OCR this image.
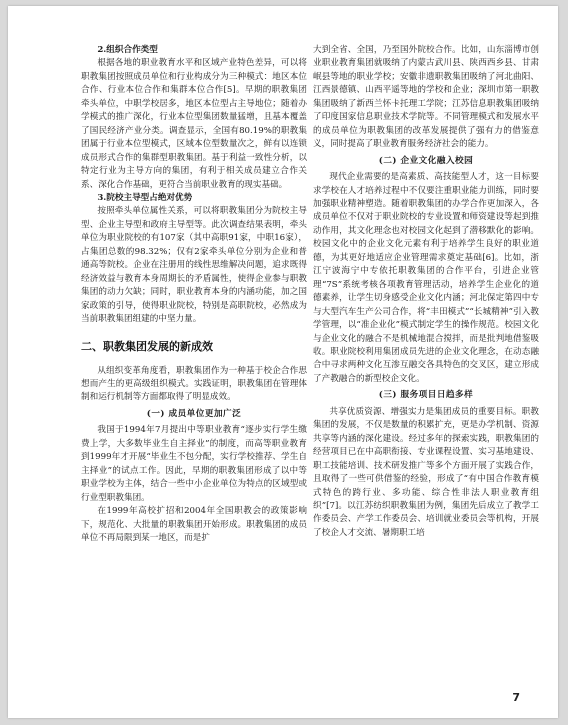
2.组织合作类型

根据各地的职业教育水平和区域产业特色差异，可以将职教集团按照成员单位和行业构成分为三种模式：地区本位合作、行业本位合作和集群本位合作[5]。早期的职教集团牵头单位，中职学校居多，地区本位型占主导地位；随着办学模式的推广深化，行业本位型集团数量猛增，且基本覆盖了国民经济产业分类。调查显示，全国有80.19%的职教集团属于行业本位型模式，区域本位型数量次之，鲜有以连锁成员形式合作的集群型职教集团。基于利益一致性分析，以特定行业为主导方向的集团，有利于相关成员建立合作关系、深化合作基础，更符合当前职业教育的现实基础。

3.院校主导型占绝对优势

按照牵头单位属性关系，可以将职教集团分为院校主导型、企业主导型和政府主导型等。此次调查结果表明，牵头单位为职业院校的有107家（其中高职91家，中职16家），占集团总数的98.32%；仅有2家牵头单位分别为企业和普通高等院校。企业在注册用的线性思维解决问题，追求既得经济效益与教育本身周期长的矛盾属性，使得企业参与职教集团的动力欠缺；同时，职业教育本身的内涵功能，加之国家政策的引导，使得职业院校，特别是高职院校，必然成为当前职教集团组建的中坚力量。

二、职教集团发展的新成效

从组织变革角度看，职教集团作为一种基于校企合作思想而产生的更高级组织模式。实践证明，职教集团在管理体制和运行机制等方面都取得了明显成效。

(一) 成员单位更加广泛

我国于1994年7月提出中等职业教育“逐步实行学生缴费上学，大多数毕业生自主择业”的制度，而高等职业教育到1999年才开展“毕业生不包分配，实行学校推荐、学生自主择业”的试点工作。因此，早期的职教集团形成了以中等职业学校为主体，结合一些中小企业单位为特点的区域型或行业型职教集团。

在1999年高校扩招和2004年全国职教会的政策影响下，规范化、大批量的职教集团开始形成。职教集团的成员单位不再局限到某一地区，而是扩

大到全省、全国，乃至国外院校合作。比如，山东淄博市创业职业教育集团就吸纳了内蒙古武川县、陕西西乡县、甘肃岷县等地的职业学校；安徽非遗职教集团吸纳了河北曲阳、江西景德镇、山西平遥等地的学校和企业；深圳市第一职教集团吸纳了新西兰怀卡托理工学院；江苏信息职教集团吸纳了印度国家信息职业技术学院等。不同管理模式和发展水平的成员单位为职教集团的改革发展提供了强有力的借鉴意义，同时提高了职业教育服务经济社会的能力。

(二) 企业文化融入校园

现代企业需要的是高素质、高技能型人才，这一目标要求学校在人才培养过程中不仅要注重职业能力训练，同时要加强职业精神塑造。随着职教集团的办学合作更加深入，各成员单位不仅对于职业院校的专业设置和师资建设等起到推动作用，其文化理念也对校园文化起到了潜移默化的影响。校园文化中的企业文化元素有利于培养学生良好的职业道德，为其更好地适应企业管理需求奠定基础[6]。比如，浙江宁波海宁中专依托职教集团的合作平台，引进企业管理“7S”系统考核各项教育管理活动，培养学生企业化的道德素养，让学生切身感受企业文化内涵；河北保定第四中专与大型汽车生产公司合作，将“丰田模式”“长城精神”引入教学管理，以“准企业化”模式制定学生的操作规范。校园文化与企业文化的融合不是机械地混合搅拌，而是批判地借鉴吸收。职业院校利用集团成员先进的企业文化理念，在动态融合中寻求两种文化互渗互融交各具特色的交叉区，建立形成了产教融合的新型校企文化。

(三) 服务项目日趋多样

共享优质资源、增强实力是集团成员的重要目标。职教集团的发展，不仅是数量的积累扩充，更是办学机制、资源共享等内涵的深化建设。经过多年的探索实践，职教集团的经营项目已在中高职衔接、专业课程设置、实习基地建设、职工技能培训、技术研发推广等多个方面开展了实践合作，且取得了一些可供借鉴的经验，形成了“有中国合作教育模式特色的跨行业、多功能、综合性非法人职业教育组织”[7]。以江苏纺织职教集团为例，集团先后成立了教学工作委员会、产学工作委员会、培训就业委员会等机构，开展了校企人才交流、暑期职工培

7
